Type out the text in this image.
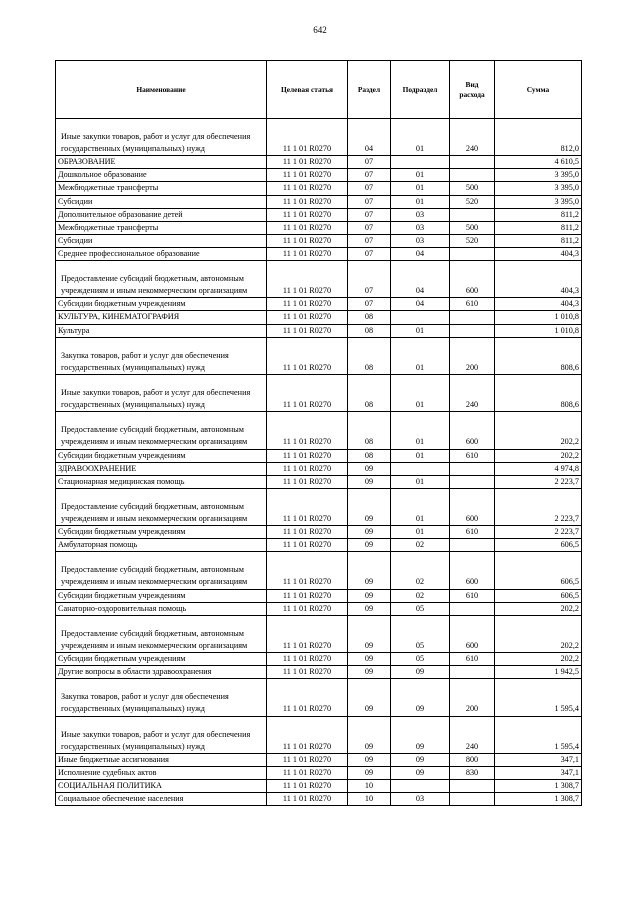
642
Наименование	Целевая статья	Раздел	Подраздел	Вид расхода	Сумма
Иные закупки товаров, работ и услуг для обеспечения государственных (муниципальных) нужд	11 1 01 R0270	04	01	240	812,0
ОБРАЗОВАНИЕ	11 1 01 R0270	07			4 610,5
Дошкольное образование	11 1 01 R0270	07	01		3 395,0
Межбюджетные трансферты	11 1 01 R0270	07	01	500	3 395,0
Субсидии	11 1 01 R0270	07	01	520	3 395,0
Дополнительное образование детей	11 1 01 R0270	07	03		811,2
Межбюджетные трансферты	11 1 01 R0270	07	03	500	811,2
Субсидии	11 1 01 R0270	07	03	520	811,2
Среднее профессиональное образование	11 1 01 R0270	07	04		404,3
Предоставление субсидий бюджетным, автономным учреждениям и иным некоммерческим организациям	11 1 01 R0270	07	04	600	404,3
Субсидии бюджетным учреждениям	11 1 01 R0270	07	04	610	404,3
КУЛЬТУРА, КИНЕМАТОГРАФИЯ	11 1 01 R0270	08			1 010,8
Культура	11 1 01 R0270	08	01		1 010,8
Закупка товаров, работ и услуг для обеспечения государственных (муниципальных) нужд	11 1 01 R0270	08	01	200	808,6
Иные закупки товаров, работ и услуг для обеспечения государственных (муниципальных) нужд	11 1 01 R0270	08	01	240	808,6
Предоставление субсидий бюджетным, автономным учреждениям и иным некоммерческим организациям	11 1 01 R0270	08	01	600	202,2
Субсидии бюджетным учреждениям	11 1 01 R0270	08	01	610	202,2
ЗДРАВООХРАНЕНИЕ	11 1 01 R0270	09			4 974,8
Стационарная медицинская помощь	11 1 01 R0270	09	01		2 223,7
Предоставление субсидий бюджетным, автономным учреждениям и иным некоммерческим организациям	11 1 01 R0270	09	01	600	2 223,7
Субсидии бюджетным учреждениям	11 1 01 R0270	09	01	610	2 223,7
Амбулаторная помощь	11 1 01 R0270	09	02		606,5
Предоставление субсидий бюджетным, автономным учреждениям и иным некоммерческим организациям	11 1 01 R0270	09	02	600	606,5
Субсидии бюджетным учреждениям	11 1 01 R0270	09	02	610	606,5
Санаторно-оздоровительная помощь	11 1 01 R0270	09	05		202,2
Предоставление субсидий бюджетным, автономным учреждениям и иным некоммерческим организациям	11 1 01 R0270	09	05	600	202,2
Субсидии бюджетным учреждениям	11 1 01 R0270	09	05	610	202,2
Другие вопросы в области здравоохранения	11 1 01 R0270	09	09		1 942,5
Закупка товаров, работ и услуг для обеспечения государственных (муниципальных) нужд	11 1 01 R0270	09	09	200	1 595,4
Иные закупки товаров, работ и услуг для обеспечения государственных (муниципальных) нужд	11 1 01 R0270	09	09	240	1 595,4
Иные бюджетные ассигнования	11 1 01 R0270	09	09	800	347,1
Исполнение судебных актов	11 1 01 R0270	09	09	830	347,1
СОЦИАЛЬНАЯ ПОЛИТИКА	11 1 01 R0270	10			1 308,7
Социальное обеспечение населения	11 1 01 R0270	10	03		1 308,7
